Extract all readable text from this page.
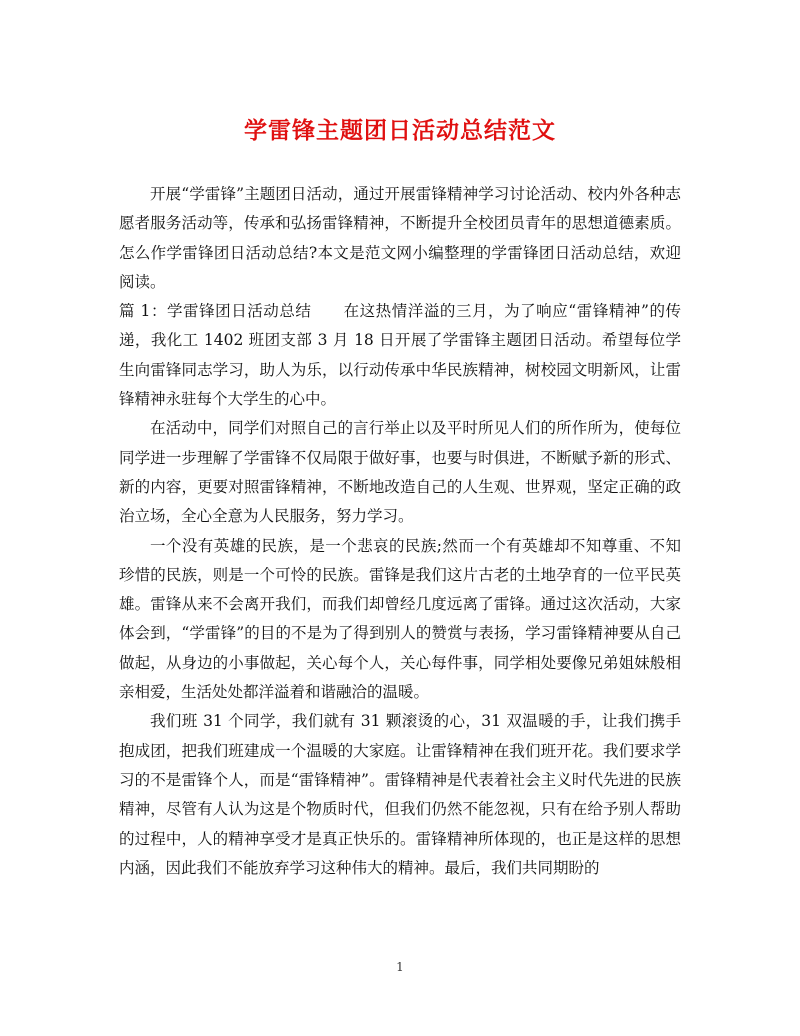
学雷锋主题团日活动总结范文

开展“学雷锋”主题团日活动，通过开展雷锋精神学习讨论活动、校内外各种志愿者服务活动等，传承和弘扬雷锋精神，不断提升全校团员青年的思想道德素质。怎么作学雷锋团日活动总结?本文是范文网小编整理的学雷锋团日活动总结，欢迎阅读。

篇 1：学雷锋团日活动总结　　在这热情洋溢的三月，为了响应“雷锋精神”的传递，我化工 1402 班团支部 3 月 18 日开展了学雷锋主题团日活动。希望每位学生向雷锋同志学习，助人为乐，以行动传承中华民族精神，树校园文明新风，让雷锋精神永驻每个大学生的心中。

在活动中，同学们对照自己的言行举止以及平时所见人们的所作所为，使每位同学进一步理解了学雷锋不仅局限于做好事，也要与时俱进，不断赋予新的形式、新的内容，更要对照雷锋精神，不断地改造自己的人生观、世界观，坚定正确的政治立场，全心全意为人民服务，努力学习。

一个没有英雄的民族，是一个悲哀的民族;然而一个有英雄却不知尊重、不知珍惜的民族，则是一个可怜的民族。雷锋是我们这片古老的土地孕育的一位平民英雄。雷锋从来不会离开我们，而我们却曾经几度远离了雷锋。通过这次活动，大家体会到，“学雷锋”的目的不是为了得到别人的赞赏与表扬，学习雷锋精神要从自己做起，从身边的小事做起，关心每个人，关心每件事，同学相处要像兄弟姐妹般相亲相爱，生活处处都洋溢着和谐融洽的温暖。

我们班 31 个同学，我们就有 31 颗滚烫的心，31 双温暖的手，让我们携手抱成团，把我们班建成一个温暖的大家庭。让雷锋精神在我们班开花。我们要求学习的不是雷锋个人，而是“雷锋精神”。雷锋精神是代表着社会主义时代先进的民族精神，尽管有人认为这是个物质时代，但我们仍然不能忽视，只有在给予别人帮助的过程中，人的精神享受才是真正快乐的。雷锋精神所体现的，也正是这样的思想内涵，因此我们不能放弃学习这种伟大的精神。最后，我们共同期盼的

1
